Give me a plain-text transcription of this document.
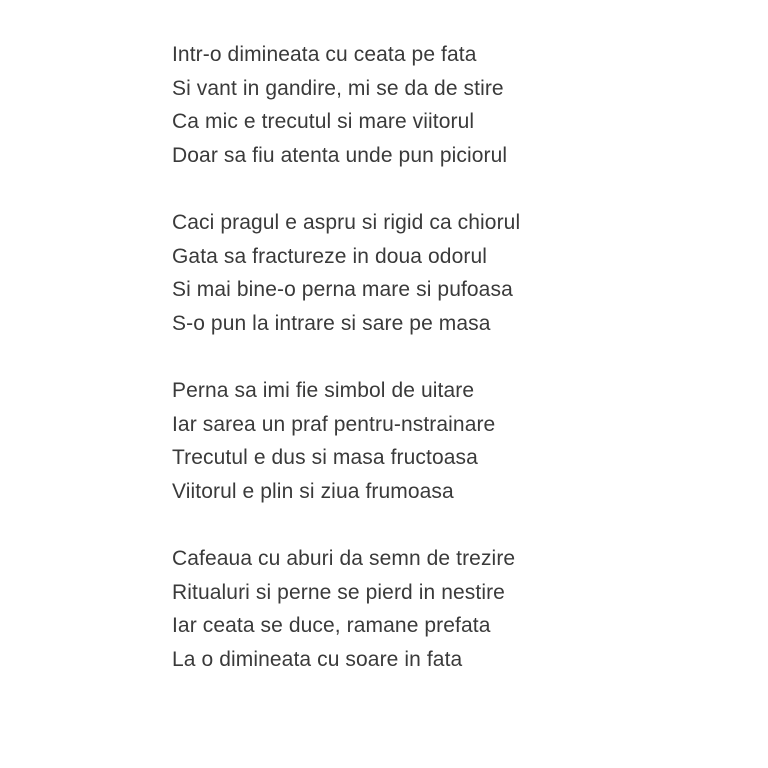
Intr-o dimineata cu ceata pe fata
Si vant in gandire, mi se da de stire
Ca mic e trecutul si mare viitorul
Doar sa fiu atenta unde pun piciorul
Caci pragul e aspru si rigid ca chiorul
Gata sa fractureze in doua odorul
Si mai bine-o perna mare si pufoasa
S-o pun la intrare si sare pe masa
Perna sa imi fie simbol de uitare
Iar sarea un praf pentru-nstrainare
Trecutul e dus si masa fructoasa
Viitorul e plin si ziua frumoasa
Cafeaua cu aburi da semn de trezire
Ritualuri si perne se pierd in nestire
Iar ceata se duce, ramane prefata
La o dimineata cu soare in fata
